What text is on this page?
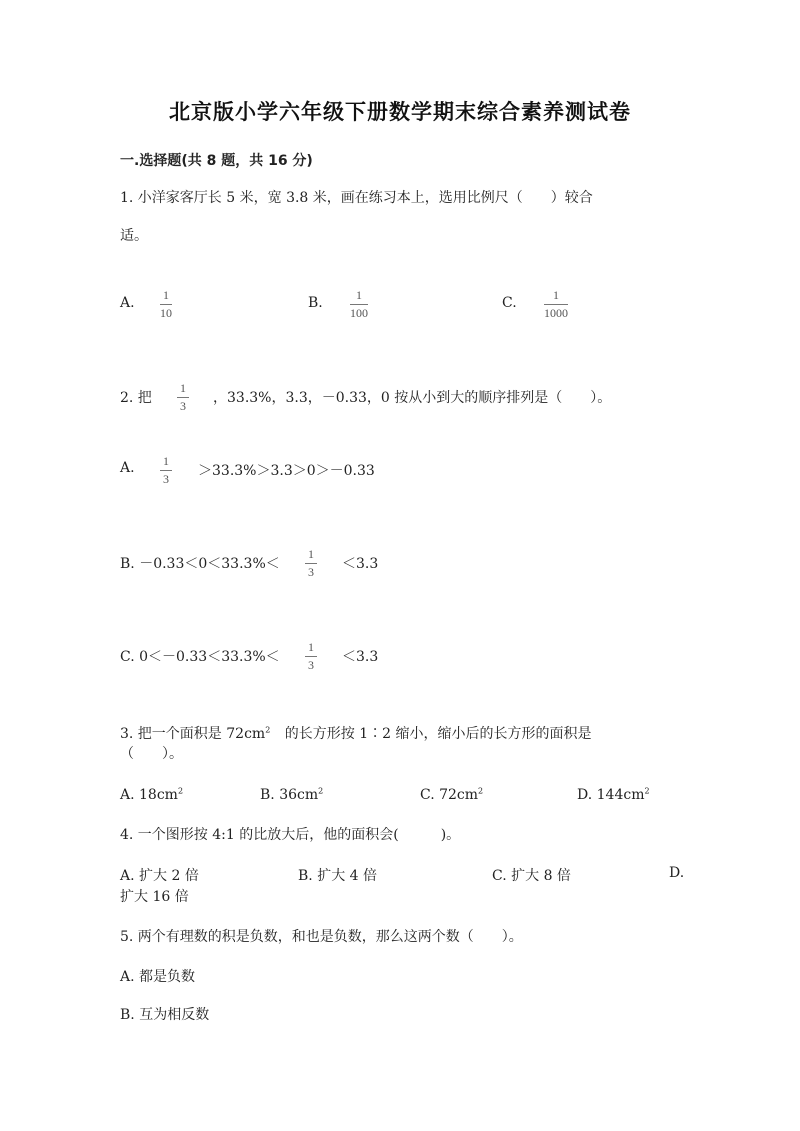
北京版小学六年级下册数学期末综合素养测试卷
一.选择题(共 8 题，共 16 分)
1. 小洋家客厅长 5 米，宽 3.8 米，画在练习本上，选用比例尺（　　）较合
适。
A. 1
10
B.	1
100
C.	1
1000
2. 把
1
3 ，33.3%，3.3，－0.33，0 按从小到大的顺序排列是（　　）。
A. 1
3 ＞33.3%＞3.3＞0＞－0.33
B. －0.33＜0＜33.3%＜
1
3 ＜3.3
C. 0＜－0.33＜33.3%＜
1
3 ＜3.3
3. 把一个面积是 $72cm^2$ 的长方形按 1∶2 缩小，缩小后的长方形的面积是
（　　）。
A. $18cm^2$	B. $36cm^2$	C. $72cm^2$	D. $144cm^2$
4. 一个图形按 4:1 的比放大后，他的面积会(　　　)。
A. 扩大 2 倍	B. 扩大 4 倍	C. 扩大 8 倍	D.
扩大 16 倍
5. 两个有理数的积是负数，和也是负数，那么这两个数（　　）。
A. 都是负数
B. 互为相反数
